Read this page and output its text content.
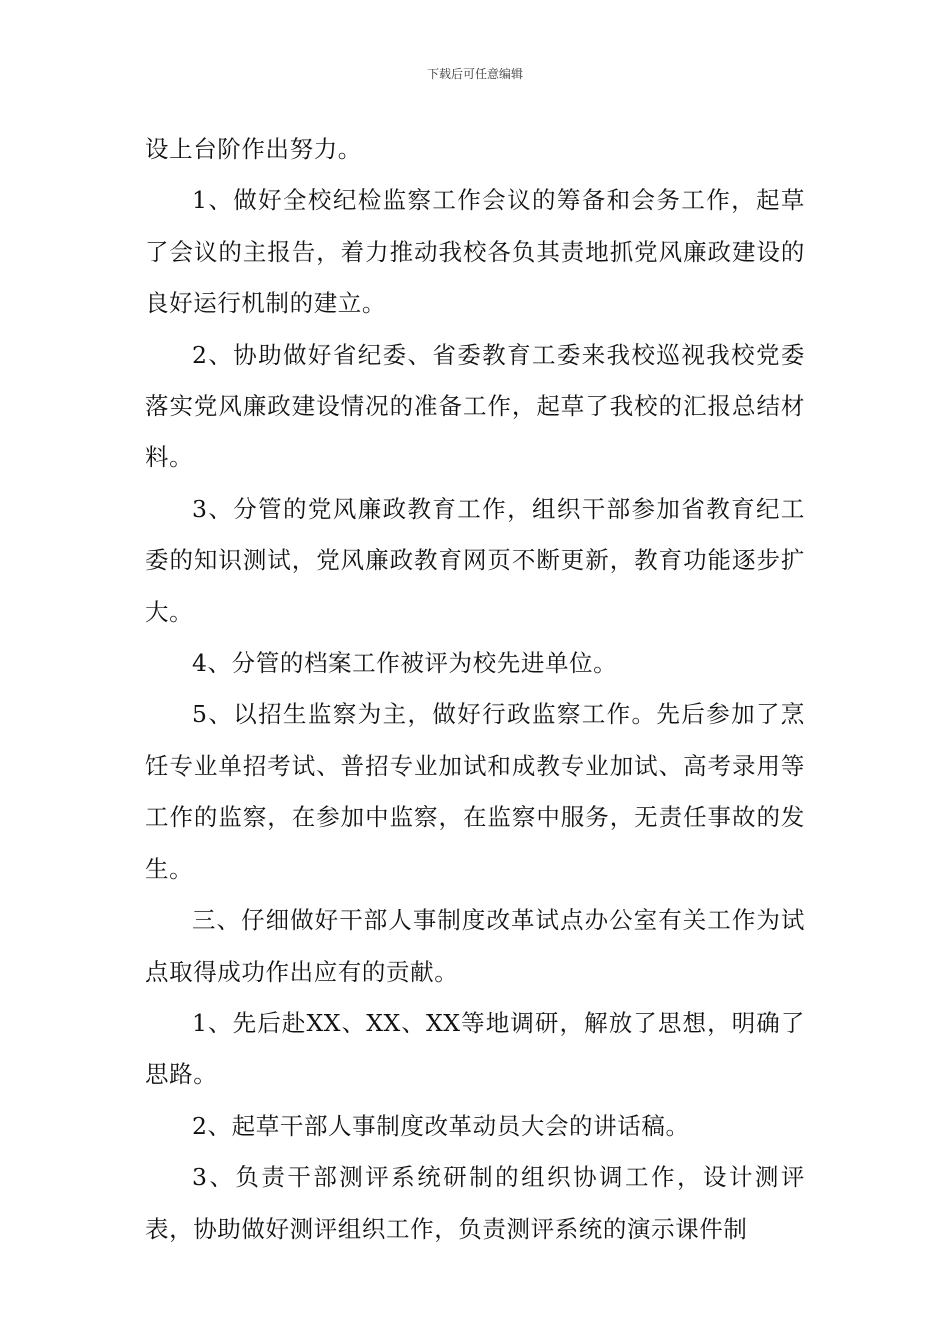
下载后可任意编辑

设上台阶作出努力。

1、做好全校纪检监察工作会议的筹备和会务工作，起草了会议的主报告，着力推动我校各负其责地抓党风廉政建设的良好运行机制的建立。

2、协助做好省纪委、省委教育工委来我校巡视我校党委落实党风廉政建设情况的准备工作，起草了我校的汇报总结材料。

3、分管的党风廉政教育工作，组织干部参加省教育纪工委的知识测试，党风廉政教育网页不断更新，教育功能逐步扩大。

4、分管的档案工作被评为校先进单位。

5、以招生监察为主，做好行政监察工作。先后参加了烹饪专业单招考试、普招专业加试和成教专业加试、高考录用等工作的监察，在参加中监察，在监察中服务，无责任事故的发生。

三、仔细做好干部人事制度改革试点办公室有关工作为试点取得成功作出应有的贡献。

1、先后赴XX、XX、XX等地调研，解放了思想，明确了思路。

2、起草干部人事制度改革动员大会的讲话稿。

3、负责干部测评系统研制的组织协调工作，设计测评表，协助做好测评组织工作，负责测评系统的演示课件制
